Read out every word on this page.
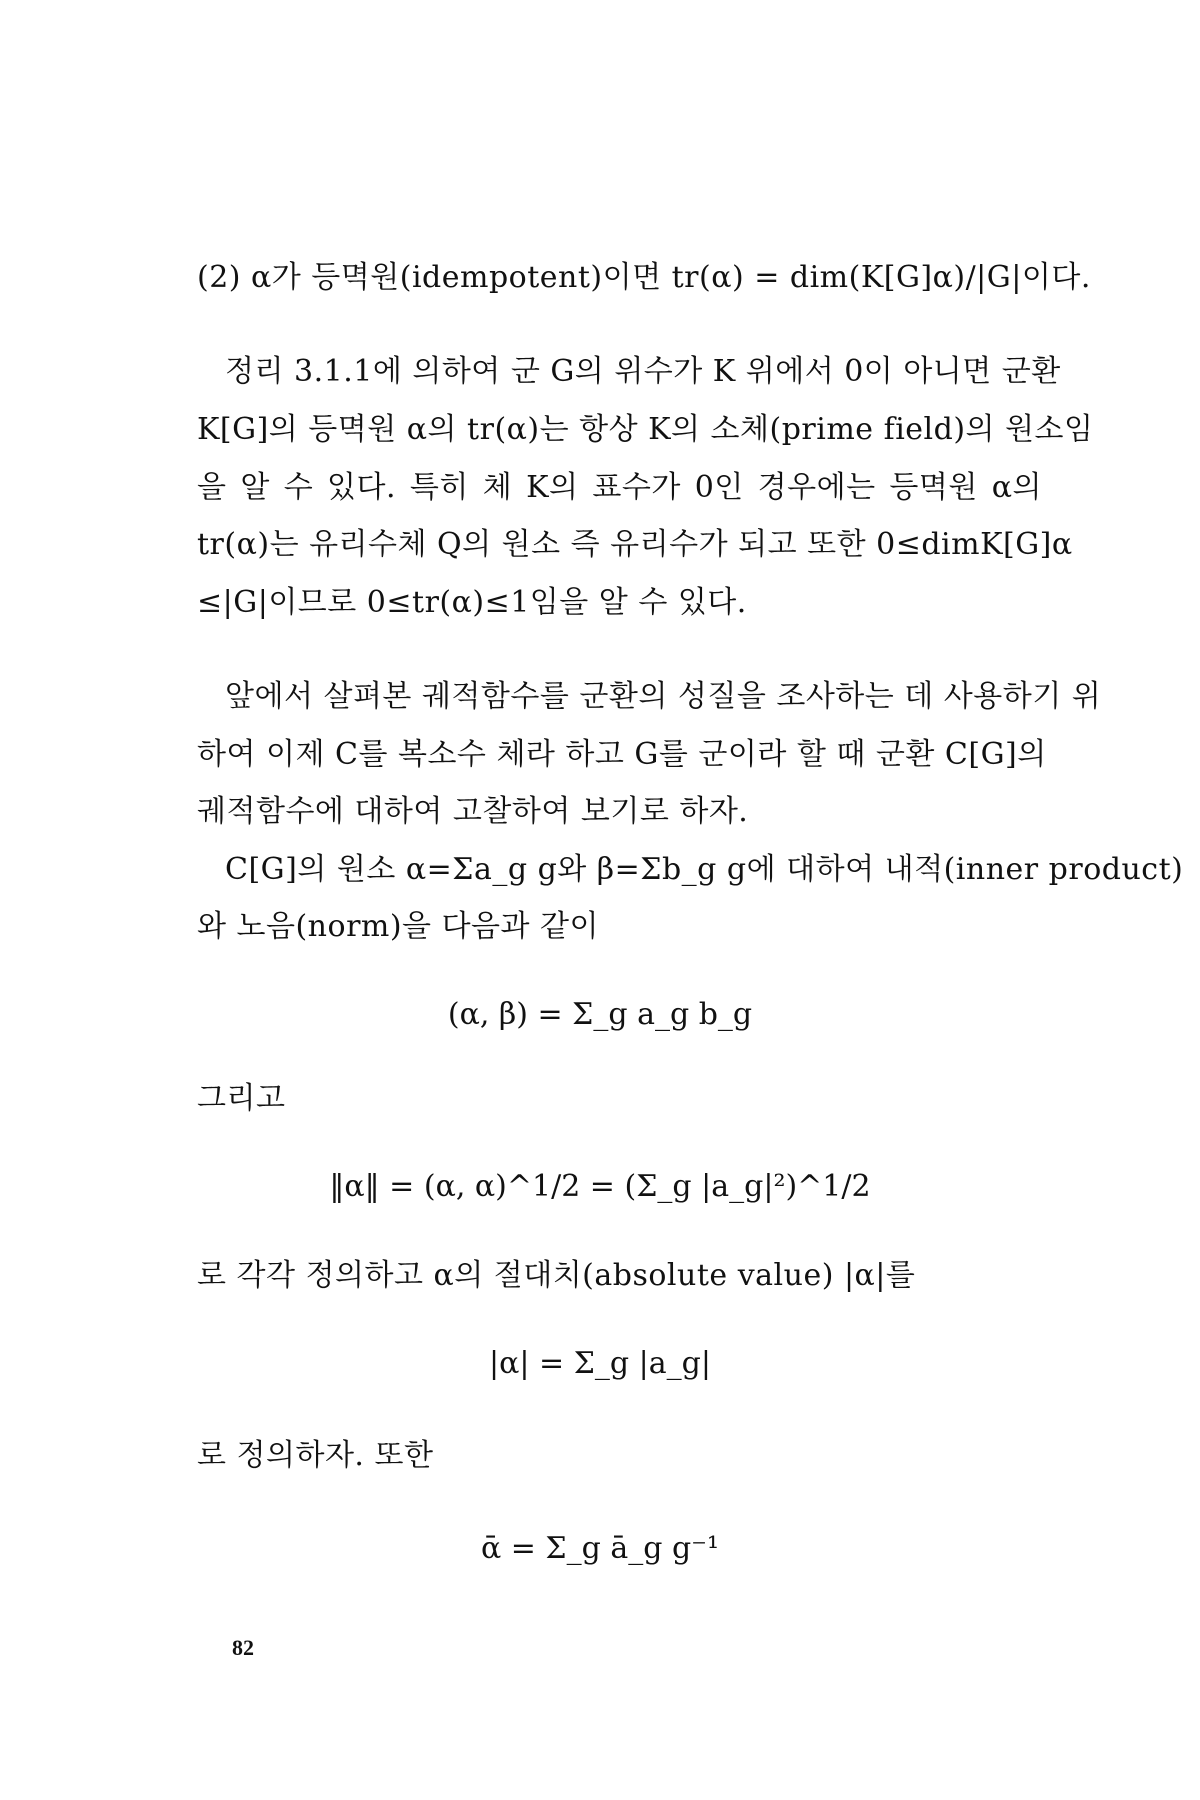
(2) α가 등멱원(idempotent)이면 tr(α) = dim(K[G]α)/|G|이다.
정리 3.1.1에 의하여 군 G의 위수가 K 위에서 0이 아니면 군환
K[G]의 등멱원 α의 tr(α)는 항상 K의 소체(prime field)의 원소임
을 알 수 있다. 특히 체 K의 표수가 0인 경우에는 등멱원 α의
tr(α)는 유리수체 Q의 원소 즉 유리수가 되고 또한 0≤dimK[G]α
≤|G|이므로 0≤tr(α)≤1임을 알 수 있다.
앞에서 살펴본 궤적함수를 군환의 성질을 조사하는 데 사용하기 위
하여 이제 C를 복소수 체라 하고 G를 군이라 할 때 군환 C[G]의
궤적함수에 대하여 고찰하여 보기로 하자.
C[G]의 원소 α=Σa_g g와 β=Σb_g g에 대하여 내적(inner product)
와 노음(norm)을 다음과 같이
(α, β) = Σ_g a_g b_g
그리고
‖α‖ = (α, α)^1/2 = (Σ_g |a_g|²)^1/2
로 각각 정의하고 α의 절대치(absolute value) |α|를
|α| = Σ_g |a_g|
로 정의하자. 또한
ᾱ = Σ_g ā_g g⁻¹
82
